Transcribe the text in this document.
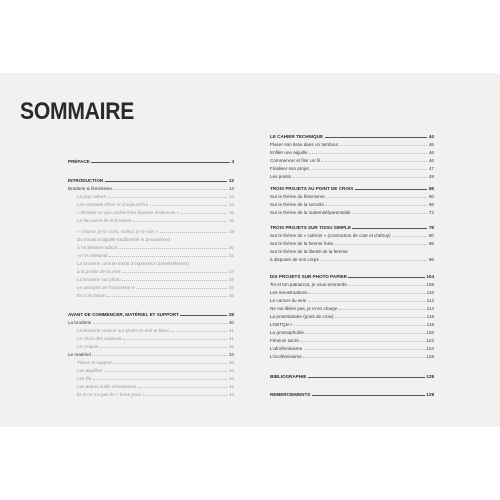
SOMMAIRE
PRÉFACE	4
INTRODUCTION	12
Broderie & féminisme	13
La pop culture	13
Les combats d’hier et d’aujourd’hui	14
« Révéler ce que cachent les fausses évidences »	15
Le fau sacré de la broderie	16
« Victime, je te crois, violeur, je te vois »	19
Du travail d’aiguille traditionnel et poussiéreux
à l’activisme radical	20
Art vs artisanat	21
La broderie comme mode d’expression potentiellement
à la portée de tou·tes	24
La broderie sur photo	25
Le paralysé de l’imposteur·e	25
En conclusion	26
AVANT DE COMMENCER, MATÉRIEL ET SUPPORT	28
La broderie	30
La broderie couleur sur photo en noir et blanc	31
Le choix des couleurs	31
Le croquis	32
Le matériel	33
Tissus et support	33
Les aiguilles	34
Les fils	34
Les autres outils nécessaires	42
Et si on n’a pas de « bons yeux »	43
LE CAHIER TECHNIQUE	44
Placer son tissu dans un tambour	46
Enfiler une aiguille	46
Commencer et finir un fil	46
Finaliser son projet	47
Les points	49
TROIS PROJETS AU POINT DE CROIX	58
Sur le thème du féminisme	60
Sur le thème de la sororité	66
Sur le thème de la maternité/parentalité	72
TROIS PROJETS SUR TISSU SIMPLE	78
Sur le thème du « culeros » (contraction de cute et d’altruy)	80
Sur le thème de la femme forte	88
Sur le thème de la liberté de la femme
à disposer de son corps	96
DIX PROJETS SUR PHOTO PAPIER	104
Toi et ton patriarcat, je vous emmerde	108
Les menstruations	110
Le cancer du sein	112
Ne me libère pas, je m’en charge	114
La protestataire (point de croix)	116
LGBTQIA+	118
La grossophobie	120
Féminin sacré	122
L’afroféminisme	124
L’écoféminisme	126
BIBLIOGRAPHIE	128
REMERCIEMENTS	128
